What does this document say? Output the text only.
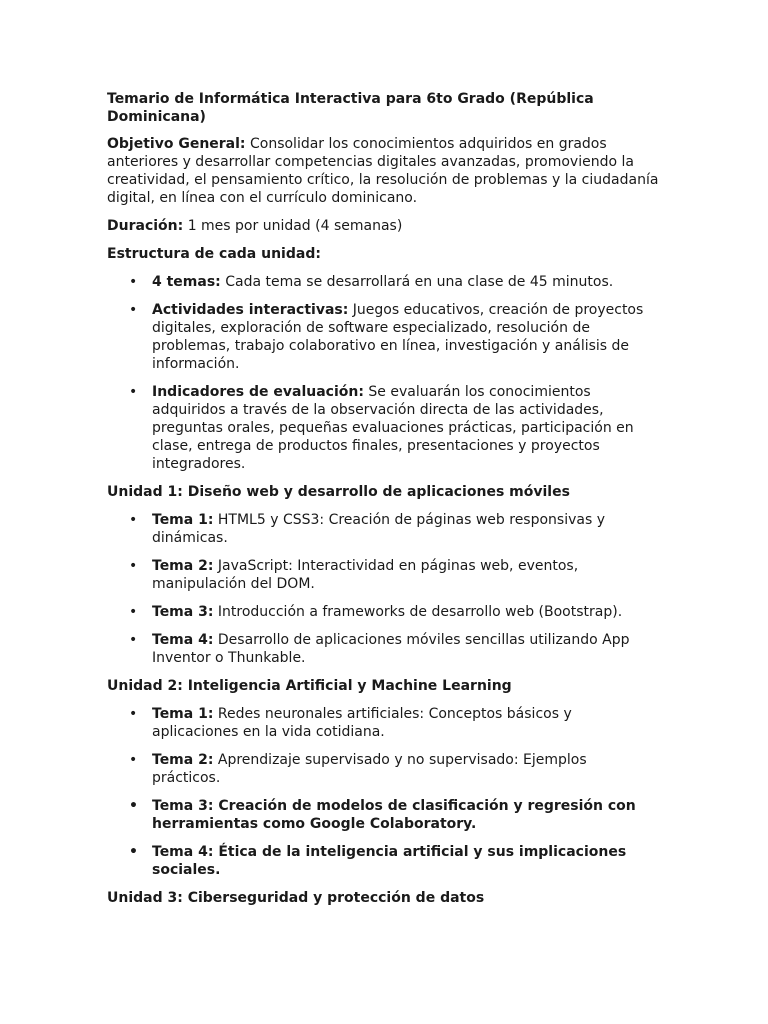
Temario de Informática Interactiva para 6to Grado (República Dominicana)

Objetivo General: Consolidar los conocimientos adquiridos en grados anteriores y desarrollar competencias digitales avanzadas, promoviendo la creatividad, el pensamiento crítico, la resolución de problemas y la ciudadanía digital, en línea con el currículo dominicano.

Duración: 1 mes por unidad (4 semanas)

Estructura de cada unidad:
• 4 temas: Cada tema se desarrollará en una clase de 45 minutos.
• Actividades interactivas: Juegos educativos, creación de proyectos digitales, exploración de software especializado, resolución de problemas, trabajo colaborativo en línea, investigación y análisis de información.
• Indicadores de evaluación: Se evaluarán los conocimientos adquiridos a través de la observación directa de las actividades, preguntas orales, pequeñas evaluaciones prácticas, participación en clase, entrega de productos finales, presentaciones y proyectos integradores.
Unidad 1: Diseño web y desarrollo de aplicaciones móviles
• Tema 1: HTML5 y CSS3: Creación de páginas web responsivas y dinámicas.
• Tema 2: JavaScript: Interactividad en páginas web, eventos, manipulación del DOM.
• Tema 3: Introducción a frameworks de desarrollo web (Bootstrap).
• Tema 4: Desarrollo de aplicaciones móviles sencillas utilizando App Inventor o Thunkable.
Unidad 2: Inteligencia Artificial y Machine Learning
• Tema 1: Redes neuronales artificiales: Conceptos básicos y aplicaciones en la vida cotidiana.
• Tema 2: Aprendizaje supervisado y no supervisado: Ejemplos prácticos.
• Tema 3: Creación de modelos de clasificación y regresión con herramientas como Google Colaboratory.
• Tema 4: Ética de la inteligencia artificial y sus implicaciones sociales.
Unidad 3: Ciberseguridad y protección de datos
